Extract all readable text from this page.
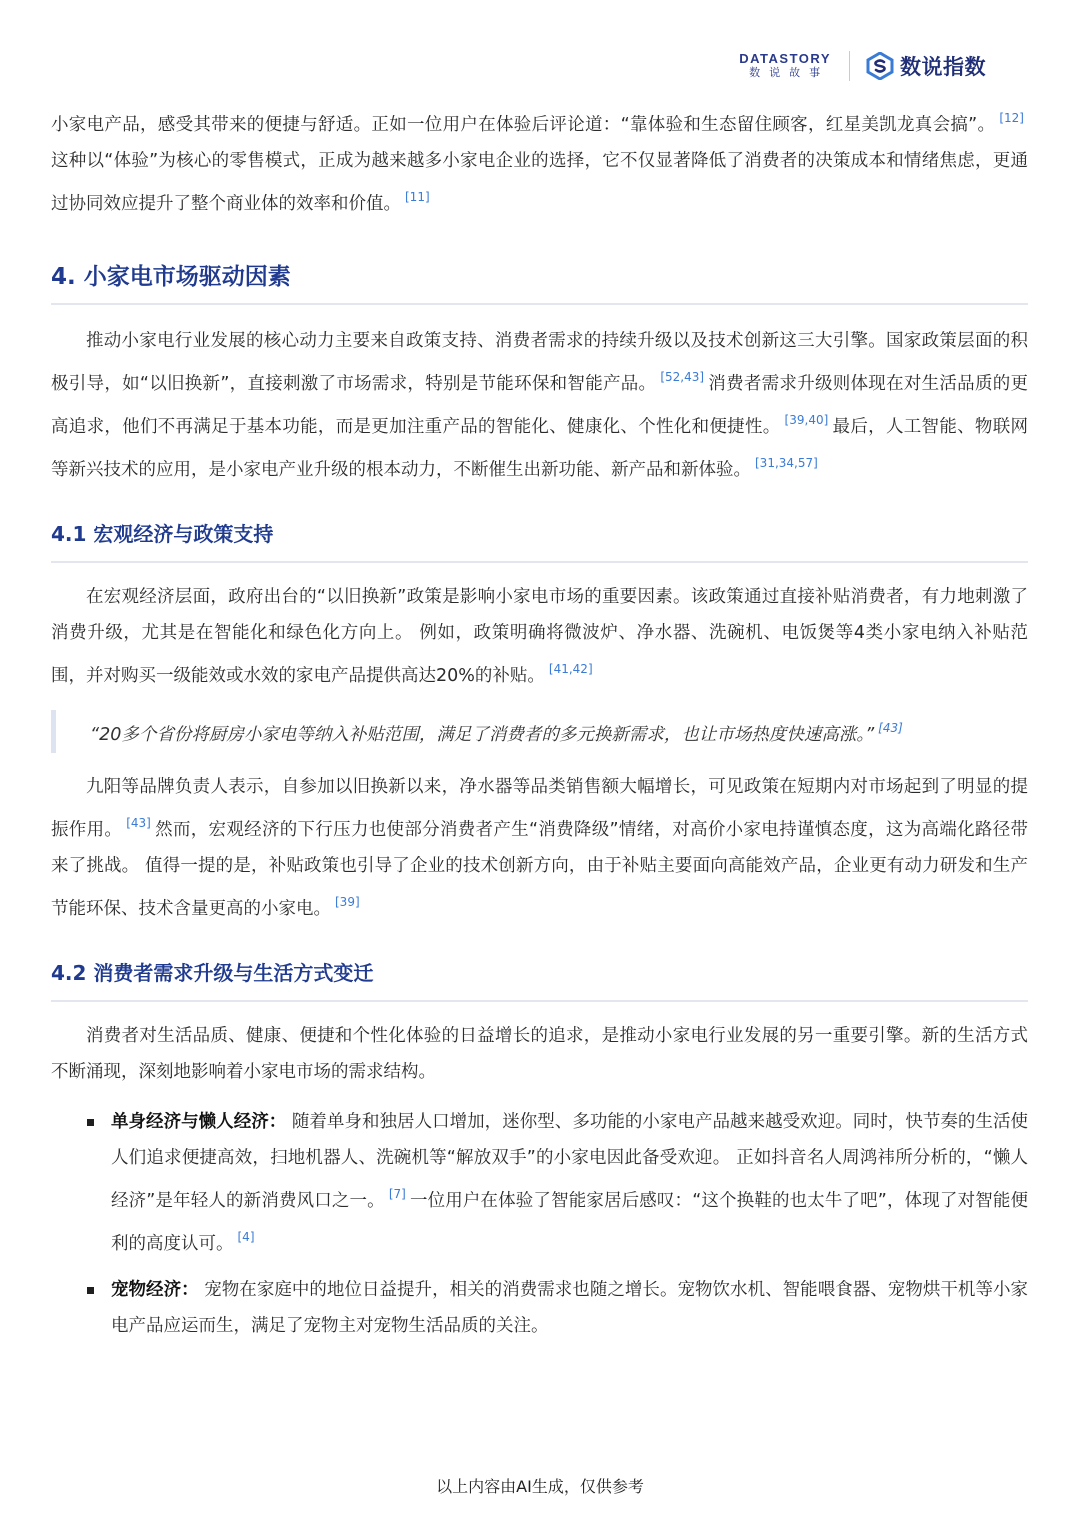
DATASTORY
数说故事	数说指数

小家电产品，感受其带来的便捷与舒适。正如一位用户在体验后评论道：“靠体验和生态留住顾客，红星美凯龙真会搞”。 [12]这种以“体验”为核心的零售模式，正成为越来越多小家电企业的选择，它不仅显著降低了消费者的决策成本和情绪焦虑，更通过协同效应提升了整个商业体的效率和价值。 [11]

4. 小家电市场驱动因素

推动小家电行业发展的核心动力主要来自政策支持、消费者需求的持续升级以及技术创新这三大引擎。国家政策层面的积极引导，如“以旧换新”，直接刺激了市场需求，特别是节能环保和智能产品。 [52,43] 消费者需求升级则体现在对生活品质的更高追求，他们不再满足于基本功能，而是更加注重产品的智能化、健康化、个性化和便捷性。 [39,40] 最后，人工智能、物联网等新兴技术的应用，是小家电产业升级的根本动力，不断催生出新功能、新产品和新体验。 [31,34,57]

4.1 宏观经济与政策支持

在宏观经济层面，政府出台的“以旧换新”政策是影响小家电市场的重要因素。该政策通过直接补贴消费者，有力地刺激了消费升级，尤其是在智能化和绿色化方向上。 例如，政策明确将微波炉、净水器、洗碗机、电饭煲等4类小家电纳入补贴范围，并对购买一级能效或水效的家电产品提供高达20%的补贴。 [41,42]

“20多个省份将厨房小家电等纳入补贴范围，满足了消费者的多元换新需求，也让市场热度快速高涨。” [43]

九阳等品牌负责人表示，自参加以旧换新以来，净水器等品类销售额大幅增长，可见政策在短期内对市场起到了明显的提振作用。 [43] 然而，宏观经济的下行压力也使部分消费者产生“消费降级”情绪，对高价小家电持谨慎态度，这为高端化路径带来了挑战。 值得一提的是，补贴政策也引导了企业的技术创新方向，由于补贴主要面向高能效产品，企业更有动力研发和生产节能环保、技术含量更高的小家电。 [39]

4.2 消费者需求升级与生活方式变迁

消费者对生活品质、健康、便捷和个性化体验的日益增长的追求，是推动小家电行业发展的另一重要引擎。新的生活方式不断涌现，深刻地影响着小家电市场的需求结构。

单身经济与懒人经济： 随着单身和独居人口增加，迷你型、多功能的小家电产品越来越受欢迎。同时，快节奏的生活使人们追求便捷高效，扫地机器人、洗碗机等“解放双手”的小家电因此备受欢迎。 正如抖音名人周鸿祎所分析的，“懒人经济”是年轻人的新消费风口之一。 [7] 一位用户在体验了智能家居后感叹：“这个换鞋的也太牛了吧”，体现了对智能便利的高度认可。 [4]
宠物经济： 宠物在家庭中的地位日益提升，相关的消费需求也随之增长。宠物饮水机、智能喂食器、宠物烘干机等小家电产品应运而生，满足了宠物主对宠物生活品质的关注。
以上内容由AI生成，仅供参考
